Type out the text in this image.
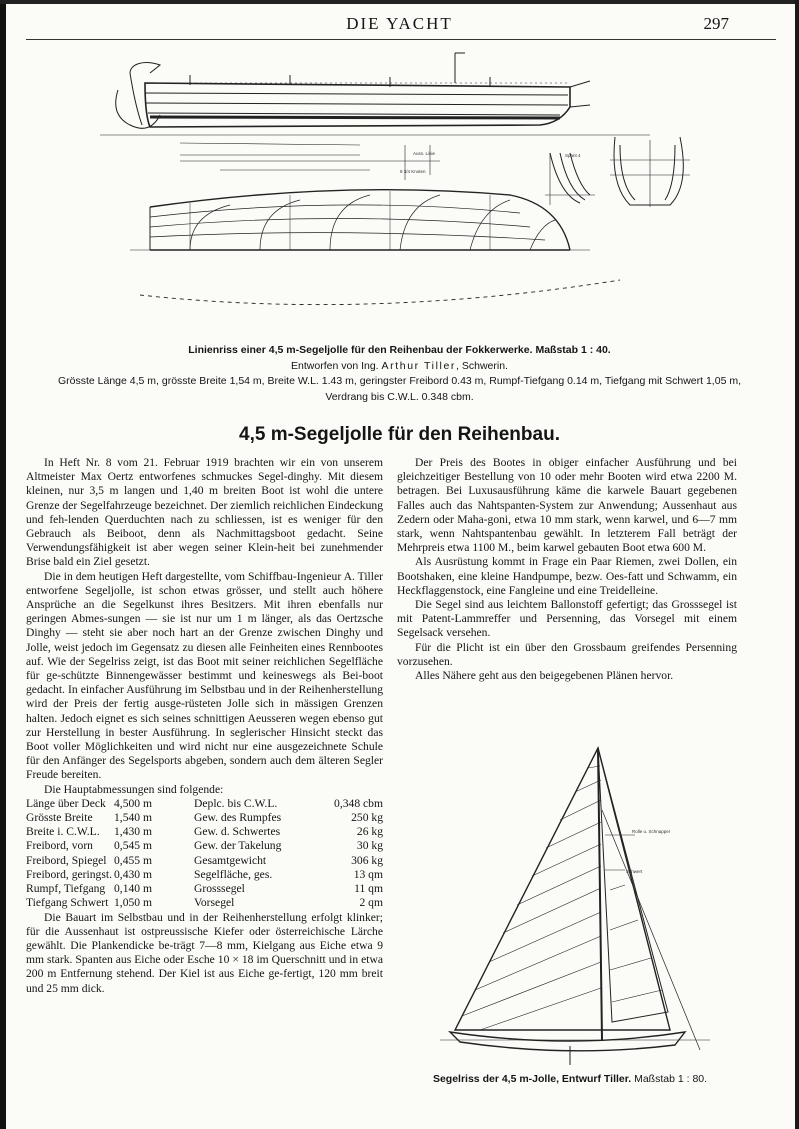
DIE YACHT	297
8 3/4 Knoten
Auss. Linie	Spant 4
Linienriss einer 4,5 m-Segeljolle für den Reihenbau der Fokkerwerke. Maßstab 1 : 40.
Entworfen von Ing. Arthur Tiller, Schwerin.
Grösste Länge 4,5 m, grösste Breite 1,54 m, Breite W.L. 1.43 m, geringster Freibord 0.43 m, Rumpf-Tiefgang 0.14 m, Tiefgang mit Schwert 1,05 m,
Verdrang bis C.W.L. 0.348 cbm.
4,5 m-Segeljolle für den Reihenbau.

In Heft Nr. 8 vom 21. Februar 1919 brachten wir ein von unserem Altmeister Max Oertz entworfenes schmuckes Segel-dinghy. Mit diesem kleinen, nur 3,5 m langen und 1,40 m breiten Boot ist wohl die untere Grenze der Segelfahrzeuge bezeichnet. Der ziemlich reichlichen Eindeckung und feh-lenden Querduchten nach zu schliessen, ist es weniger für den Gebrauch als Beiboot, denn als Nachmittagsboot gedacht. Seine Verwendungsfähigkeit ist aber wegen seiner Klein-heit bei zunehmender Brise bald ein Ziel gesetzt.

Die in dem heutigen Heft dargestellte, vom Schiffbau-Ingenieur A. Tiller entworfene Segeljolle, ist schon etwas grösser, und stellt auch höhere Ansprüche an die Segelkunst ihres Besitzers. Mit ihren ebenfalls nur geringen Abmes-sungen — sie ist nur um 1 m länger, als das Oertzsche Dinghy — steht sie aber noch hart an der Grenze zwischen Dinghy und Jolle, weist jedoch im Gegensatz zu diesen alle Feinheiten eines Rennbootes auf. Wie der Segelriss zeigt, ist das Boot mit seiner reichlichen Segelfläche für ge-schützte Binnengewässer bestimmt und keineswegs als Bei-boot gedacht. In einfacher Ausführung im Selbstbau und in der Reihenherstellung wird der Preis der fertig ausge-rüsteten Jolle sich in mässigen Grenzen halten. Jedoch eignet es sich seines schnittigen Aeusseren wegen ebenso gut zur Herstellung in bester Ausführung. In seglerischer Hinsicht steckt das Boot voller Möglichkeiten und wird nicht nur eine ausgezeichnete Schule für den Anfänger des Segelsports abgeben, sondern auch dem älteren Segler Freude bereiten.

Die Hauptabmessungen sind folgende:

Länge über Deck	4,500 m	Deplc. bis C.W.L.	0,348 cbm
Grösste Breite	1,540 m	Gew. des Rumpfes	250 kg
Breite i. C.W.L.	1,430 m	Gew. d. Schwertes	26 kg
Freibord, vorn	0,545 m	Gew. der Takelung	30 kg
Freibord, Spiegel	0,455 m	Gesamtgewicht	306 kg
Freibord, geringst.	0,430 m	Segelfläche, ges.	13 qm
Rumpf, Tiefgang	0,140 m	Grosssegel	11 qm
Tiefgang Schwert	1,050 m	Vorsegel	2 qm

Die Bauart im Selbstbau und in der Reihenherstellung erfolgt klinker; für die Aussenhaut ist ostpreussische Kiefer oder österreichische Lärche gewählt. Die Plankendicke be-trägt 7—8 mm, Kielgang aus Eiche etwa 9 mm stark. Spanten aus Eiche oder Esche 10 × 18 im Querschnitt und in etwa 200 m Entfernung stehend. Der Kiel ist aus Eiche ge-fertigt, 120 mm breit und 25 mm dick.

Der Preis des Bootes in obiger einfacher Ausführung und bei gleichzeitiger Bestellung von 10 oder mehr Booten wird etwa 2200 M. betragen. Bei Luxusausführung käme die karwele Bauart gegebenen Falles auch das Nahtspanten-System zur Anwendung; Aussenhaut aus Zedern oder Maha-goni, etwa 10 mm stark, wenn karwel, und 6—7 mm stark, wenn Nahtspantenbau gewählt. In letzterem Fall beträgt der Mehrpreis etwa 1100 M., beim karwel gebauten Boot etwa 600 M.

Als Ausrüstung kommt in Frage ein Paar Riemen, zwei Dollen, ein Bootshaken, eine kleine Handpumpe, bezw. Oes-fatt und Schwamm, ein Heckflaggenstock, eine Fangleine und eine Treidelleine.

Die Segel sind aus leichtem Ballonstoff gefertigt; das Grosssegel ist mit Patent-Lammreffer und Persenning, das Vorsegel mit einem Segelsack versehen.

Für die Plicht ist ein über den Grossbaum greifendes Persenning vorzusehen.

Alles Nähere geht aus den beigegebenen Plänen hervor.

Rolle u. Schnapper
Schwert
Segelriss der 4,5 m-Jolle, Entwurf Tiller. Maßstab 1 : 80.
